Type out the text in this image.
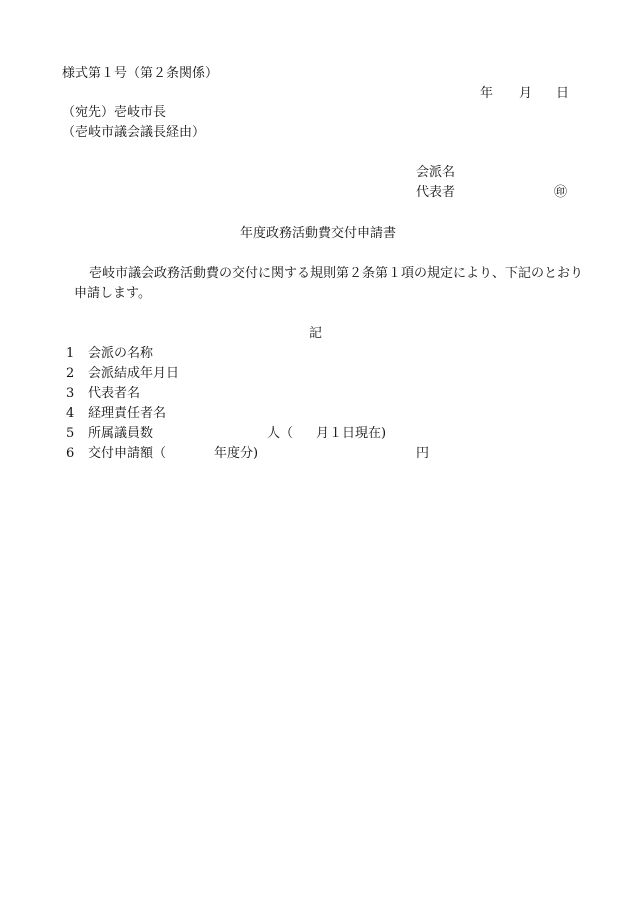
様式第１号（第２条関係）
年 月 日
（宛先）壱岐市長
（壱岐市議会議長経由）
会派名
代表者	㊞
年度政務活動費交付申請書
壱岐市議会政務活動費の交付に関する規則第２条第１項の規定により、下記のとおり
申請します。
記
1 会派の名称
2 会派結成年月日
3 代表者名
4 経理責任者名
5 所属議員数	人（ 月１日現在)
6 交付申請額（	年度分)	円
